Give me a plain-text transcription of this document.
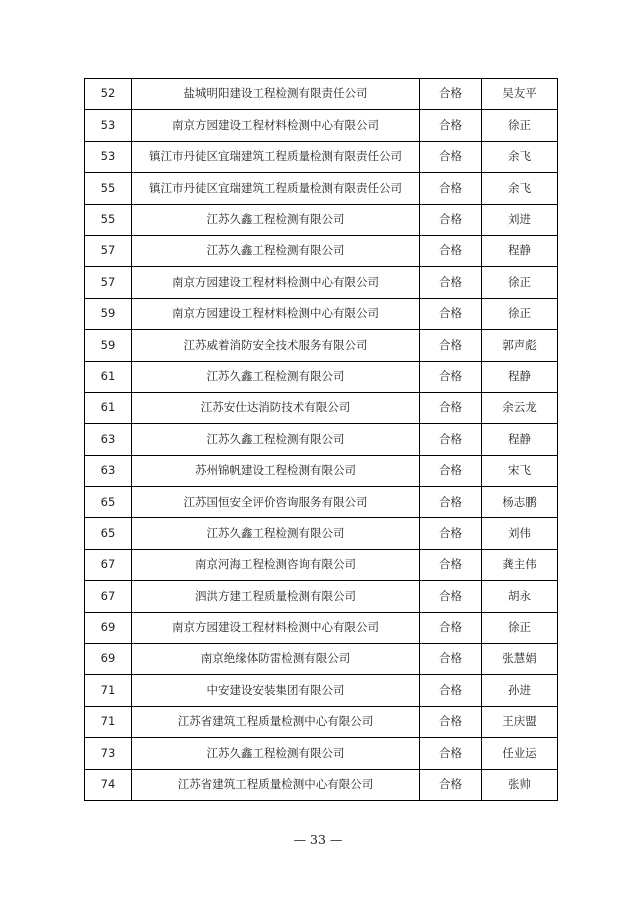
52	盐城明阳建设工程检测有限责任公司	合格	吴友平
53	南京方园建设工程材料检测中心有限公司	合格	徐正
53	镇江市丹徒区宜瑞建筑工程质量检测有限责任公司	合格	余飞
55	镇江市丹徒区宜瑞建筑工程质量检测有限责任公司	合格	余飞
55	江苏久鑫工程检测有限公司	合格	刘进
57	江苏久鑫工程检测有限公司	合格	程静
57	南京方园建设工程材料检测中心有限公司	合格	徐正
59	南京方园建设工程材料检测中心有限公司	合格	徐正
59	江苏威着消防安全技术服务有限公司	合格	郭声彪
61	江苏久鑫工程检测有限公司	合格	程静
61	江苏安仕达消防技术有限公司	合格	余云龙
63	江苏久鑫工程检测有限公司	合格	程静
63	苏州锦帆建设工程检测有限公司	合格	宋飞
65	江苏国恒安全评价咨询服务有限公司	合格	杨志鹏
65	江苏久鑫工程检测有限公司	合格	刘伟
67	南京河海工程检测咨询有限公司	合格	龚主伟
67	泗洪方建工程质量检测有限公司	合格	胡永
69	南京方园建设工程材料检测中心有限公司	合格	徐正
69	南京绝缘体防雷检测有限公司	合格	张慧娟
71	中安建设安装集团有限公司	合格	孙进
71	江苏省建筑工程质量检测中心有限公司	合格	王庆盟
73	江苏久鑫工程检测有限公司	合格	任业运
74	江苏省建筑工程质量检测中心有限公司	合格	张帅
— 33 —
